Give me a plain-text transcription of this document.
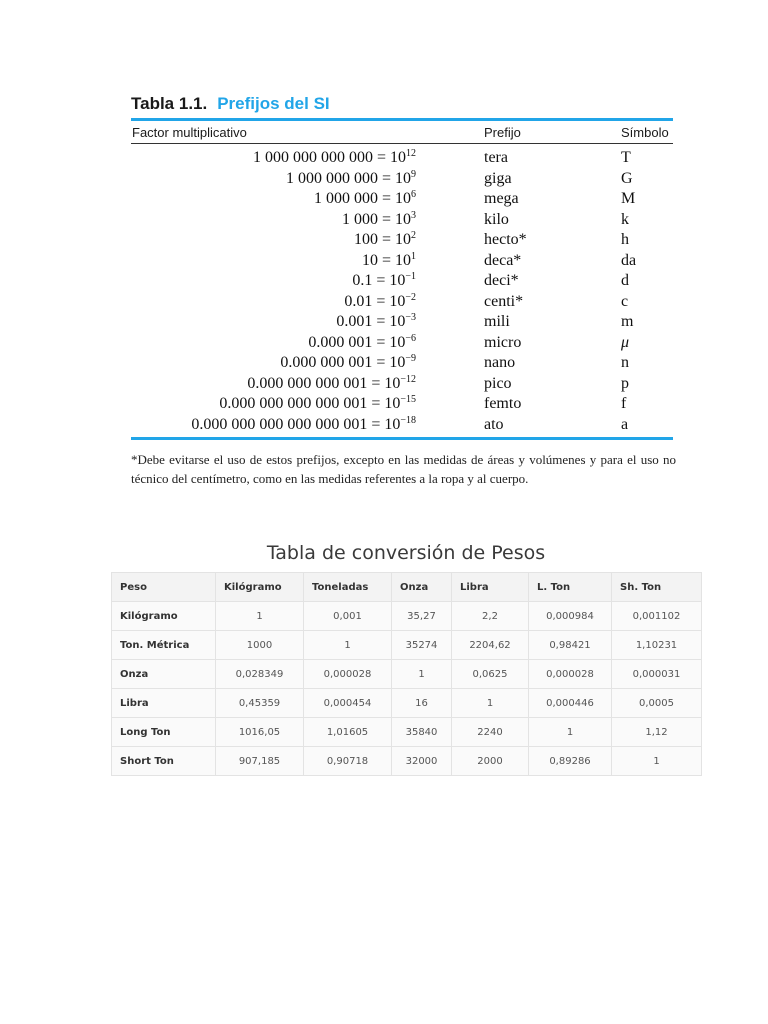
Tabla 1.1. Prefijos del SI
Factor multiplicativo	Prefijo	Símbolo
1 000 000 000 $000 = 10^{12}$	tera	T
1 000 000 $000 = 10^9$	giga	G
1 000 $000 = 10^6$	mega	M
1 $000 = 10^3$	kilo	k
$100 = 10^2$	hecto*	h
$10 = 10^1$	deca*	da
$0.1 = 10^{-1}$	deci*	d
$0.01 = 10^{-2}$	centi*	c
$0.001 = 10^{-3}$	mili	m
0.000 $001 = 10^{-6}$	micro	μ
0.000 000 $001 = 10^{-9}$	nano	n
0.000 000 000 $001 = 10^{-12}$	pico	p
0.000 000 000 000 $001 = 10^{-15}$	femto	f
0.000 000 000 000 000 $001 = 10^{-18}$	ato	a

*Debe evitarse el uso de estos prefijos, excepto en las medidas de áreas y volúmenes y para el uso no técnico del centímetro, como en las medidas referentes a la ropa y al cuerpo.

Tabla de conversión de Pesos
Peso	Kilógramo	Toneladas	Onza	Libra	L. Ton	Sh. Ton
Kilógramo	1	0,001	35,27	2,2	0,000984	0,001102
Ton. Métrica	1000	1	35274	2204,62	0,98421	1,10231
Onza	0,028349	0,000028	1	0,0625	0,000028	0,000031
Libra	0,45359	0,000454	16	1	0,000446	0,0005
Long Ton	1016,05	1,01605	35840	2240	1	1,12
Short Ton	907,185	0,90718	32000	2000	0,89286	1
